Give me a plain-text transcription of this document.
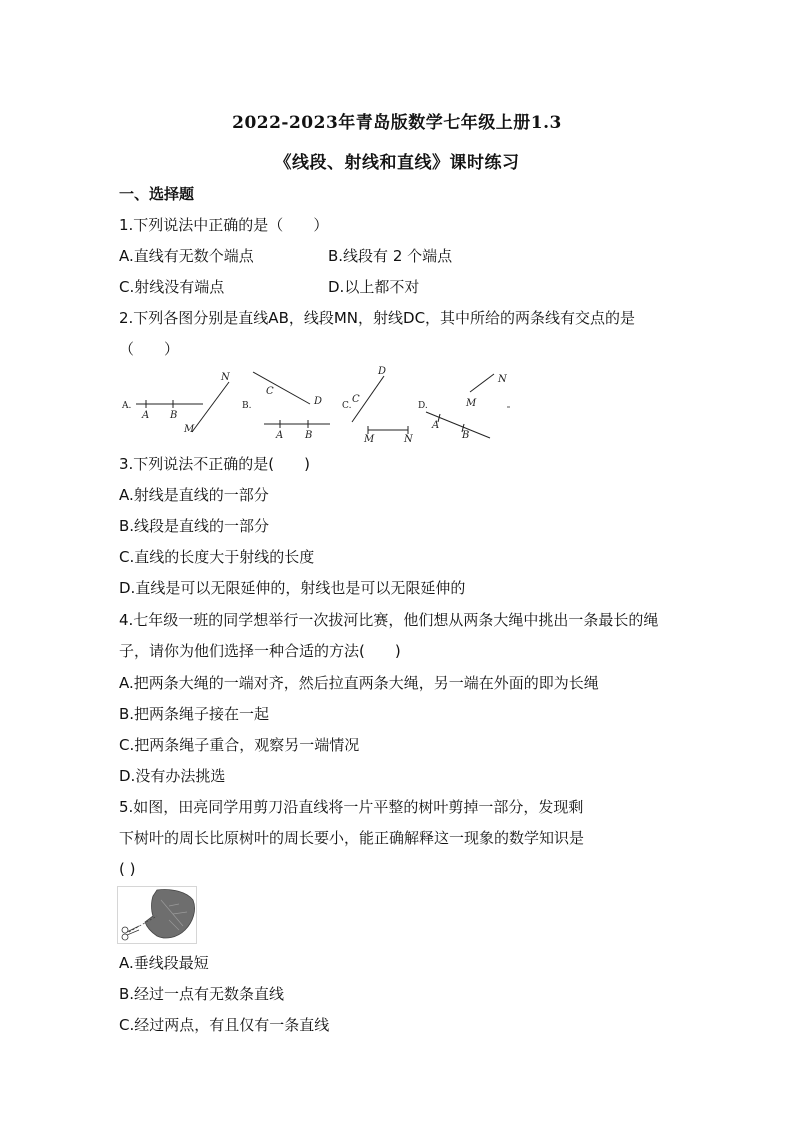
2022-2023年青岛版数学七年级上册1.3
《线段、射线和直线》课时练习
一、选择题
1.下列说法中正确的是（　　）
A.直线有无数个端点	B.线段有 2 个端点
C.射线没有端点	D.以上都不对
2.下列各图分别是直线AB，线段MN，射线DC，其中所给的两条线有交点的是
（　　）
A.
A B
M
N
B.
C
D
A B
C.
D
C
M	N
D.	M
N
A
B
3.下列说法不正确的是(　　)
A.射线是直线的一部分
B.线段是直线的一部分
C.直线的长度大于射线的长度
D.直线是可以无限延伸的，射线也是可以无限延伸的
4.七年级一班的同学想举行一次拔河比赛，他们想从两条大绳中挑出一条最长的绳
子，请你为他们选择一种合适的方法(　　)
A.把两条大绳的一端对齐，然后拉直两条大绳，另一端在外面的即为长绳
B.把两条绳子接在一起
C.把两条绳子重合，观察另一端情况
D.没有办法挑选
5.如图，田亮同学用剪刀沿直线将一片平整的树叶剪掉一部分，发现剩
下树叶的周长比原树叶的周长要小，能正确解释这一现象的数学知识是
( )
A.垂线段最短
B.经过一点有无数条直线
C.经过两点，有且仅有一条直线
